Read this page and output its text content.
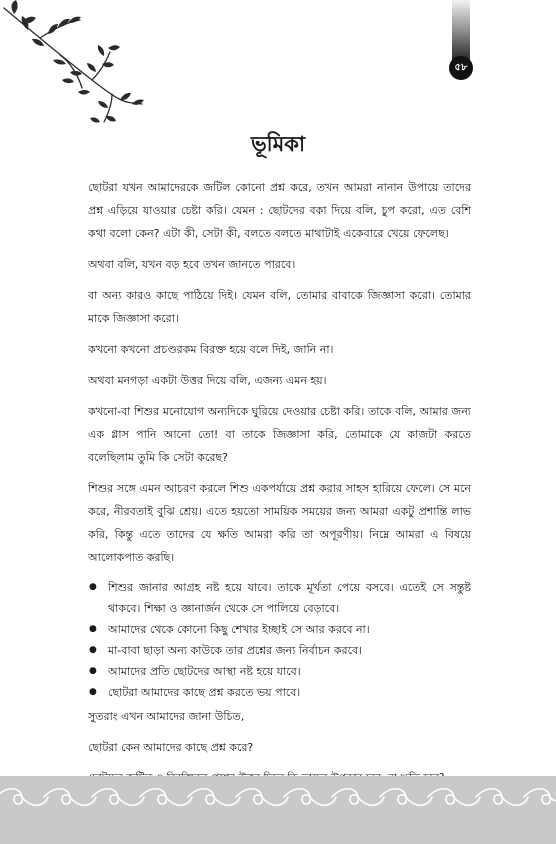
৫৮
ভূমিকা

ছোটরা যখন আমাদেরকে জটিল কোনো প্রশ্ন করে, তখন আমরা নানান উপায়ে তাদের প্রশ্ন এড়িয়ে যাওয়ার চেষ্টা করি। যেমন : ছোটদের বকা দিয়ে বলি, চুপ করো, এত বেশি কথা বলো কেন? এটা কী, সেটা কী, বলতে বলতে মাথাটাই একেবারে খেয়ে ফেলেছ।

অথবা বলি, যখন বড় হবে তখন জানতে পারবে।

বা অন্য কারও কাছে পাঠিয়ে দিই। যেমন বলি, তোমার বাবাকে জিজ্ঞাসা করো। তোমার মাকে জিজ্ঞাসা করো।

কখনো কখনো প্রচণ্ডরকম বিরক্ত হয়ে বলে দিই, জানি না।

অথবা মনগড়া একটা উত্তর দিয়ে বলি, এজন্য এমন হয়।

কখনো-বা শিশুর মনোযোগ অন্যদিকে ঘুরিয়ে দেওয়ার চেষ্টা করি। তাকে বলি, আমার জন্য এক গ্লাস পানি আনো তো! বা তাকে জিজ্ঞাসা করি, তোমাকে যে কাজটা করতে বলেছিলাম তুমি কি সেটা করেছ?

শিশুর সঙ্গে এমন আচরণ করলে শিশু একপর্যায়ে প্রশ্ন করার সাহস হারিয়ে ফেলে। সে মনে করে, নীরবতাই বুঝি শ্রেয়। এতে হয়তো সাময়িক সময়ের জন্য আমরা একটু প্রশান্তি লাভ করি, কিন্তু এতে তাদের যে ক্ষতি আমরা করি তা অপূরণীয়। নিম্নে আমরা এ বিষয়ে আলোকপাত করছি।

● শিশুর জানার আগ্রহ নষ্ট হয়ে যাবে। তাকে মূর্খতা পেয়ে বসবে। এতেই সে সন্তুষ্ট থাকবে। শিক্ষা ও জ্ঞানার্জন থেকে সে পালিয়ে বেড়াবে।
● আমাদের থেকে কোনো কিছু শেখার ইচ্ছাই সে আর করবে না।
● মা-বাবা ছাড়া অন্য কাউকে তার প্রশ্নের জন্য নির্বাচন করবে।
● আমাদের প্রতি ছোটদের আস্থা নষ্ট হয়ে যাবে।
● ছোটরা আমাদের কাছে প্রশ্ন করতে ভয় পাবে।

সুতরাং এখন আমাদের জানা উচিত,

ছোটরা কেন আমাদের কাছে প্রশ্ন করে?
